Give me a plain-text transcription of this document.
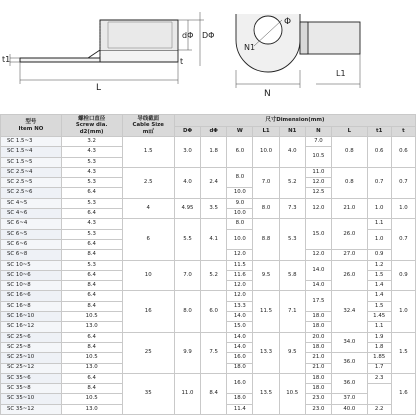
dΦ DΦ
t1
L
t
Φ
N1
N
L1
型号
Item NO	螺栓口直径
Screw dia.
d2(mm)	导线截面
Cable Size
m㎡	尺寸Dimension(mm)								
			DΦ	dΦ	W	L1	N1	N	L	t1	t
SC 1.5~3	3.2	1.5	3.0	1.8	6.0	10.0	4.0	7.0	0.8	0.6	0.6
SC 1.5~4	4.3							10.5			
SC 1.5~5	5.3										
SC 2.5~4	4.3	2.5	4.0	2.4	8.0	7.0	5.2	11.0	0.8	0.7	0.7
SC 2.5~5	5.3							12.0			
SC 2.5~6	6.4				10.0			12.5			
SC 4~5	5.3	4	4.95	3.5	9.0	8.0	7.3	12.0	21.0	1.0	1.0
SC 4~6	6.4				10.0						
SC 6~4	4.3	6	5.5	4.1	8.0	8.8	5.3	15.0	26.0	1.1	0.7
SC 6~5	5.3				10.0					1.0	
SC 6~6	6.4										
SC 6~8	8.4				12.0			12.0	27.0	0.9	
SC 10~5	5.3	10	7.0	5.2	11.5	9.5	5.8	14.0	26.0	1.2	0.9
SC 10~6	6.4				11.6					1.5	
SC 10~8	8.4				12.0			14.0		1.4	
SC 16~6	6.4	16	8.0	6.0	12.0	11.5	7.1	17.5	32.4	1.4	1.0
SC 16~8	8.4				13.3					1.5	
SC 16~10	10.5				14.0			18.0		1.45	
SC 16~12	13.0				15.0			18.0		1.1	
SC 25~6	6.4	25	9.9	7.5	14.0	13.3	9.5	20.0	34.0	1.9	1.5
SC 25~8	8.4				14.0			18.0		1.8	
SC 25~10	10.5				16.0			21.0	36.0	1.85	
SC 25~12	13.0				18.0			21.0		1.7	
SC 35~6	6.4	35	11.0	8.4	16.0	13.5	10.5	18.0	36.0	2.3	1.6
SC 35~8	8.4							18.0			
SC 35~10	10.5				18.0			23.0	37.0		
SC 35~12	13.0				11.4			23.0	40.0	2.2	
